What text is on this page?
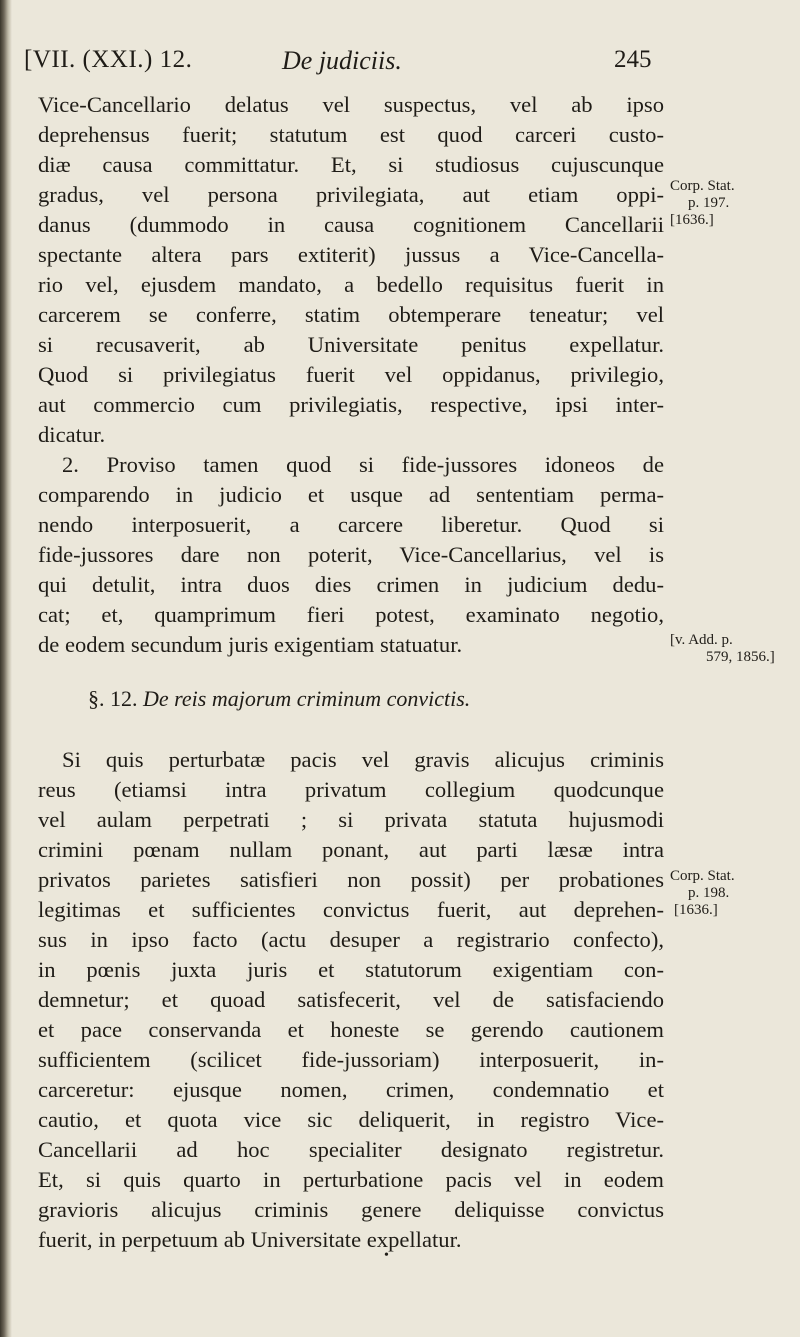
[VII. (XXI.) 12.	De judiciis.	245
Vice-Cancellario delatus vel suspectus, vel ab ipso
deprehensus fuerit; statutum est quod carceri custo-
diæ causa committatur. Et, si studiosus cujuscunque
gradus, vel persona privilegiata, aut etiam oppi-
danus (dummodo in causa cognitionem Cancellarii
spectante altera pars extiterit) jussus a Vice-Cancella-
rio vel, ejusdem mandato, a bedello requisitus fuerit in
carcerem se conferre, statim obtemperare teneatur; vel
si recusaverit, ab Universitate penitus expellatur.
Quod si privilegiatus fuerit vel oppidanus, privilegio,
aut commercio cum privilegiatis, respective, ipsi inter-
dicatur.
2. Proviso tamen quod si fide-jussores idoneos de
comparendo in judicio et usque ad sententiam perma-
nendo interposuerit, a carcere liberetur. Quod si
fide-jussores dare non poterit, Vice-Cancellarius, vel is
qui detulit, intra duos dies crimen in judicium dedu-
cat; et, quamprimum fieri potest, examinato negotio,
de eodem secundum juris exigentiam statuatur.
§. 12. De reis majorum criminum convictis.
Si quis perturbatæ pacis vel gravis alicujus criminis
reus (etiamsi intra privatum collegium quodcunque
vel aulam perpetrati ; si privata statuta hujusmodi
crimini pœnam nullam ponant, aut parti læsæ intra
privatos parietes satisfieri non possit) per probationes
legitimas et sufficientes convictus fuerit, aut deprehen-
sus in ipso facto (actu desuper a registrario confecto),
in pœnis juxta juris et statutorum exigentiam con-
demnetur; et quoad satisfecerit, vel de satisfaciendo
et pace conservanda et honeste se gerendo cautionem
sufficientem (scilicet fide-jussoriam) interposuerit, in-
carceretur: ejusque nomen, crimen, condemnatio et
cautio, et quota vice sic deliquerit, in registro Vice-
Cancellarii ad hoc specialiter designato registretur.
Et, si quis quarto in perturbatione pacis vel in eodem
gravioris alicujus criminis genere deliquisse convictus
fuerit, in perpetuum ab Universitate expellatur.
Corp. Stat.
p. 197.
[1636.]
[v. Add. p.
579, 1856.]
Corp. Stat.
p. 198.
[1636.]
•
